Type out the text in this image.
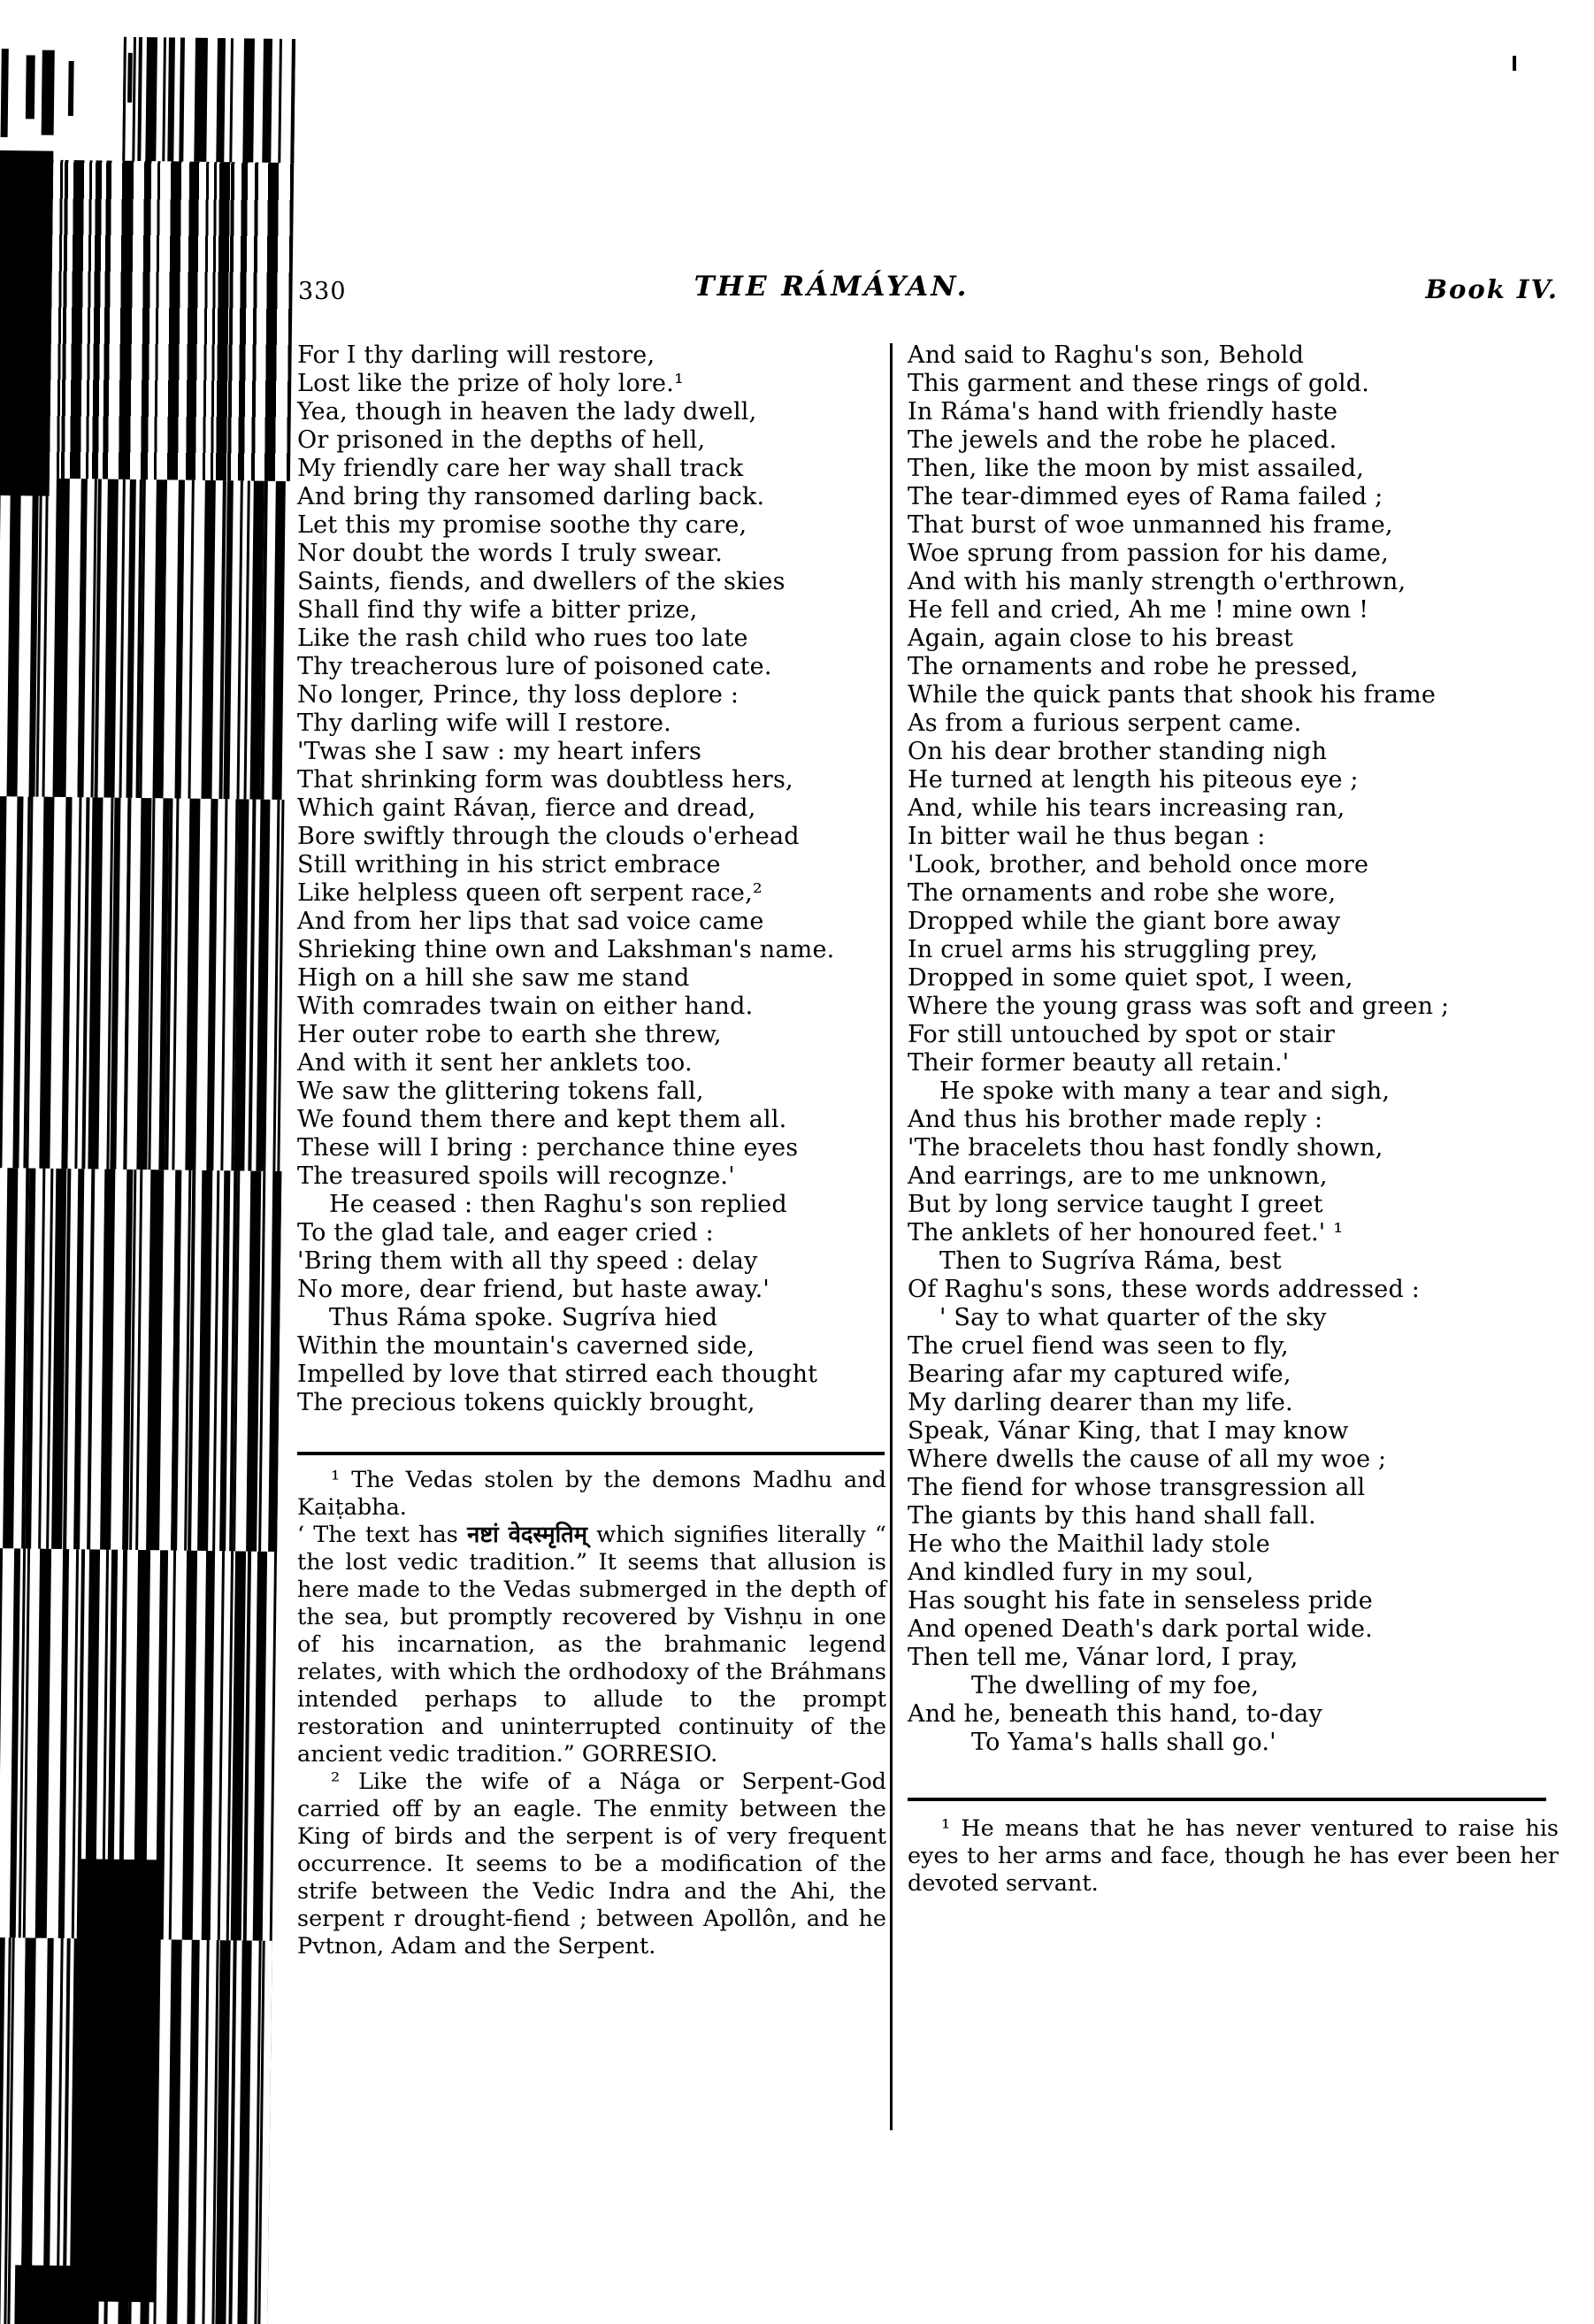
330	THE RÁMÁYAN.	Book IV.
For I thy darling will restore,
Lost like the prize of holy lore.¹
Yea, though in heaven the lady dwell,
Or prisoned in the depths of hell,
My friendly care her way shall track
And bring thy ransomed darling back.
Let this my promise soothe thy care,
Nor doubt the words I truly swear.
Saints, fiends, and dwellers of the skies
Shall find thy wife a bitter prize,
Like the rash child who rues too late
Thy treacherous lure of poisoned cate.
No longer, Prince, thy loss deplore :
Thy darling wife will I restore.
'Twas she I saw : my heart infers
That shrinking form was doubtless hers,
Which gaint Rávaṇ, fierce and dread,
Bore swiftly through the clouds o'erhead
Still writhing in his strict embrace
Like helpless queen oft serpent race,²
And from her lips that sad voice came
Shrieking thine own and Lakshman's name.
High on a hill she saw me stand
With comrades twain on either hand.
Her outer robe to earth she threw,
And with it sent her anklets too.
We saw the glittering tokens fall,
We found them there and kept them all.
These will I bring : perchance thine eyes
The treasured spoils will recognze.'
He ceased : then Raghu's son replied
To the glad tale, and eager cried :
'Bring them with all thy speed : delay
No more, dear friend, but haste away.'
Thus Ráma spoke. Sugríva hied
Within the mountain's caverned side,
Impelled by love that stirred each thought
The precious tokens quickly brought,

¹ The Vedas stolen by the demons Madhu and Kaiṭabha.

‘ The text has नष्टां वेदस्मृतिम् which signifies literally “ the lost vedic tradition.” It seems that allusion is here made to the Vedas submerged in the depth of the sea, but promptly recovered by Vishṇu in one of his incarnation, as the brahmanic legend relates, with which the ordhodoxy of the Bráhmans intended perhaps to allude to the prompt restoration and uninterrupted continuity of the ancient vedic tradition.” GORRESIO.

² Like the wife of a Nága or Serpent-God carried off by an eagle. The enmity between the King of birds and the serpent is of very frequent occurrence. It seems to be a modification of the strife between the Vedic Indra and the Ahi, the serpent r drought-fiend ; between Apollôn, and he Pvtnon, Adam and the Serpent.

And said to Raghu's son, Behold
This garment and these rings of gold.
In Ráma's hand with friendly haste
The jewels and the robe he placed.
Then, like the moon by mist assailed,
The tear-dimmed eyes of Rama failed ;
That burst of woe unmanned his frame,
Woe sprung from passion for his dame,
And with his manly strength o'erthrown,
He fell and cried, Ah me ! mine own !
Again, again close to his breast
The ornaments and robe he pressed,
While the quick pants that shook his frame
As from a furious serpent came.
On his dear brother standing nigh
He turned at length his piteous eye ;
And, while his tears increasing ran,
In bitter wail he thus began :
'Look, brother, and behold once more
The ornaments and robe she wore,
Dropped while the giant bore away
In cruel arms his struggling prey,
Dropped in some quiet spot, I ween,
Where the young grass was soft and green ;
For still untouched by spot or stair
Their former beauty all retain.'
He spoke with many a tear and sigh,
And thus his brother made reply :
'The bracelets thou hast fondly shown,
And earrings, are to me unknown,
But by long service taught I greet
The anklets of her honoured feet.' ¹
Then to Sugríva Ráma, best
Of Raghu's sons, these words addressed :
' Say to what quarter of the sky
The cruel fiend was seen to fly,
Bearing afar my captured wife,
My darling dearer than my life.
Speak, Vánar King, that I may know
Where dwells the cause of all my woe ;
The fiend for whose transgression all
The giants by this hand shall fall.
He who the Maithil lady stole
And kindled fury in my soul,
Has sought his fate in senseless pride
And opened Death's dark portal wide.
Then tell me, Vánar lord, I pray,
The dwelling of my foe,
And he, beneath this hand, to-day
To Yama's halls shall go.'

¹ He means that he has never ventured to raise his eyes to her arms and face, though he has ever been her devoted servant.
